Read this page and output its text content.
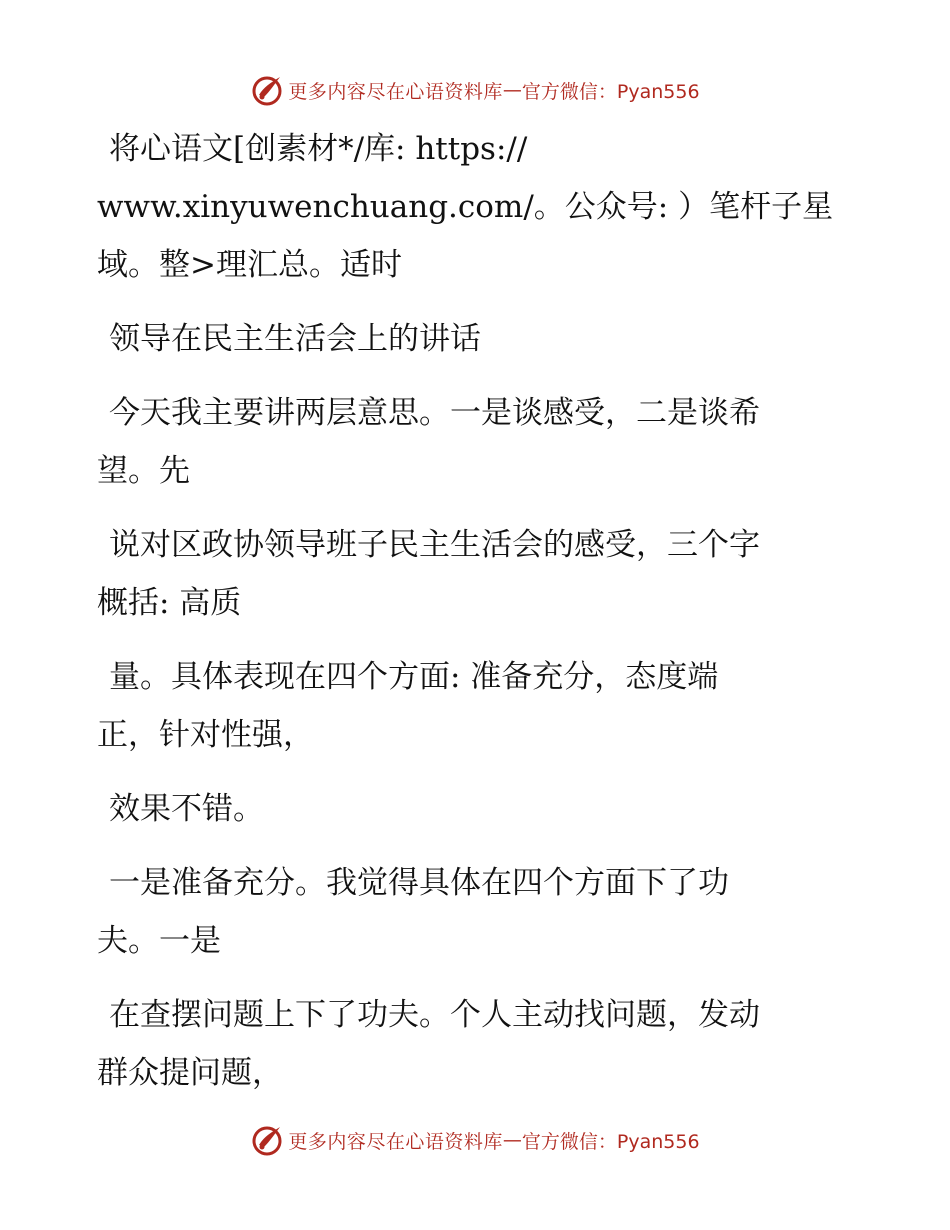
更多内容尽在心语资料库 — 官方微信：Pyan556
将心语文[创素材*/库: https://
www.xinyuwenchuang.com/。公众号: ）笔杆子星
域。整>理汇总。适时
领导在民主生活会上的讲话
今天我主要讲两层意思。一是谈感受，二是谈希
望。先
说对区政协领导班子民主生活会的感受，三个字
概括: 高质
量。具体表现在四个方面: 准备充分，态度端
正，针对性强，
效果不错。
一是准备充分。我觉得具体在四个方面下了功
夫。一是
在查摆问题上下了功夫。个人主动找问题，发动
群众提问题，
更多内容尽在心语资料库 — 官方微信：Pyan556
